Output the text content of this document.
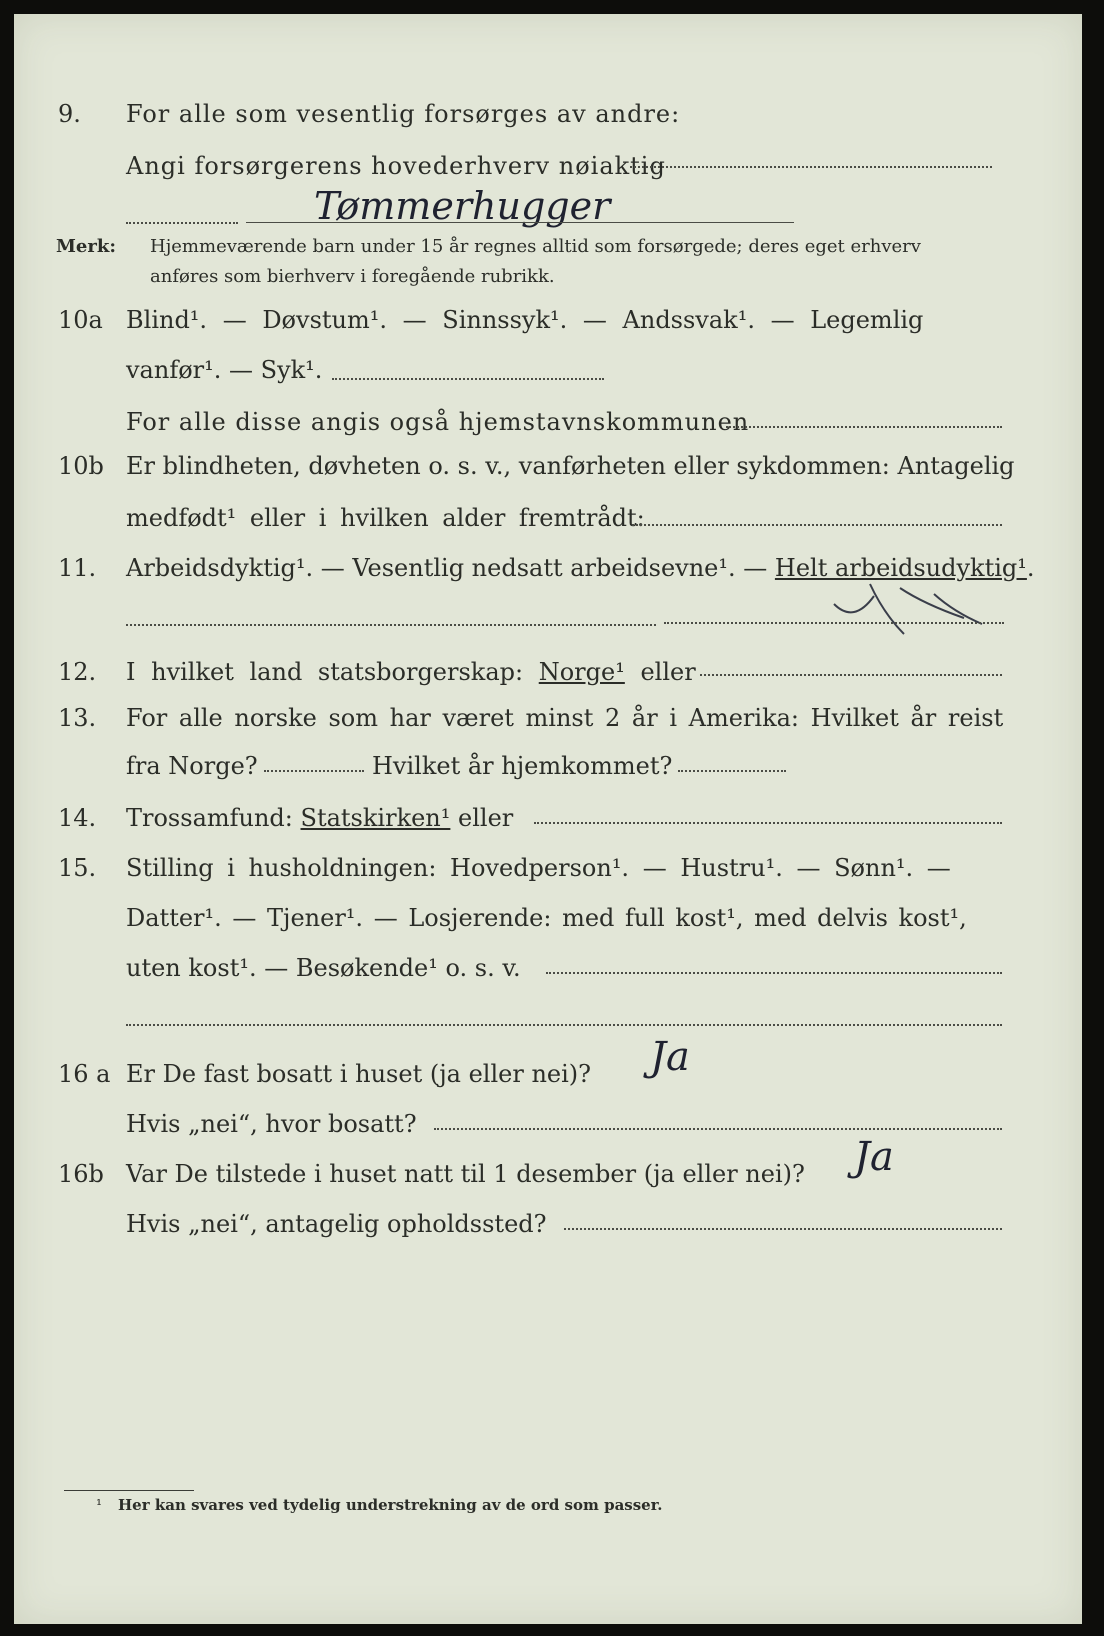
9. For alle som vesentlig forsørges av andre:
Angi forsørgerens hovederhverv nøiaktig
Tømmerhugger
Merk: Hjemmeværende barn under 15 år regnes alltid som forsørgede; deres eget erhverv
anføres som bierhverv i foregående rubrikk.
10a Blind¹. — Døvstum¹. — Sinnssyk¹. — Andssvak¹. — Legemlig
vanfør¹. — Syk¹.
For alle disse angis også hjemstavnskommunen
10b Er blindheten, døvheten o. s. v., vanførheten eller sykdommen: Antagelig
medfødt¹ eller i hvilken alder fremtrådt:
11. Arbeidsdyktig¹. — Vesentlig nedsatt arbeidsevne¹. — Helt arbeidsudyktig¹.
12. I hvilket land statsborgerskap: Norge¹ eller
13. For alle norske som har været minst 2 år i Amerika: Hvilket år reist
fra Norge?	Hvilket år hjemkommet?
14. Trossamfund: Statskirken¹ eller
15. Stilling i husholdningen: Hovedperson¹. — Hustru¹. — Sønn¹. —
Datter¹. — Tjener¹. — Losjerende: med full kost¹, med delvis kost¹,
uten kost¹. — Besøkende¹ o. s. v.
16 a Er De fast bosatt i huset (ja eller nei)? Ja
Hvis „nei“, hvor bosatt?
16b Var De tilstede i huset natt til 1 desember (ja eller nei)? Ja
Hvis „nei“, antagelig opholdssted?
¹ Her kan svares ved tydelig understrekning av de ord som passer.
